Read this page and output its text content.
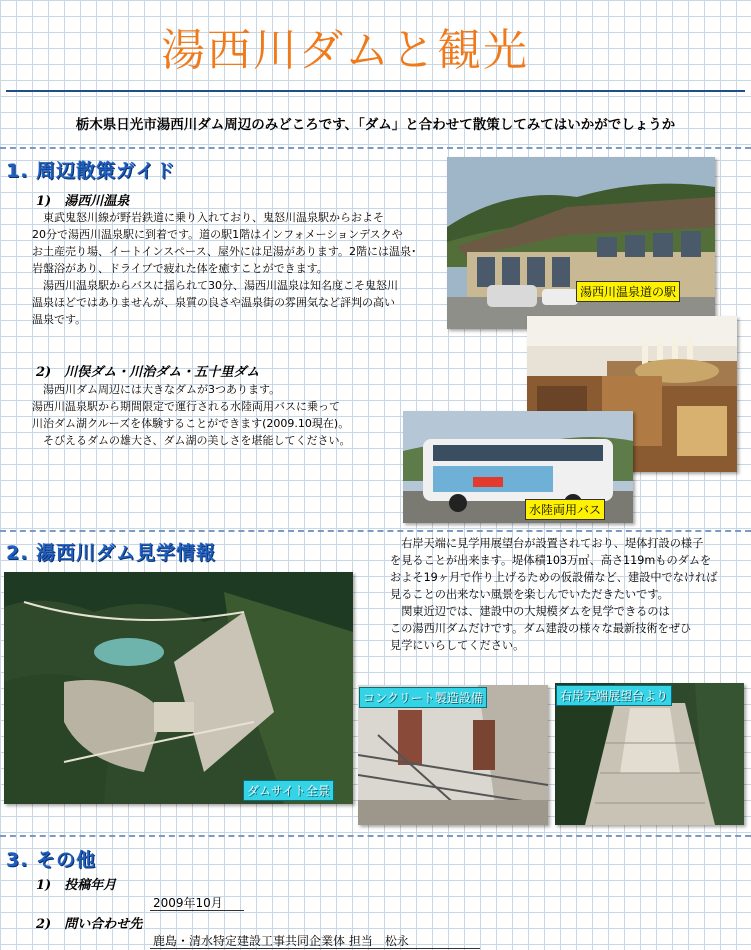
湯西川ダムと観光
栃木県日光市湯西川ダム周辺のみどころです、「ダム」と合わせて散策してみてはいかがでしょうか
1. 周辺散策ガイド
1)　湯西川温泉

　東武鬼怒川線が野岩鉄道に乗り入れており、鬼怒川温泉駅からおよそ

20分で湯西川温泉駅に到着です。道の駅1階はインフォメーションデスクや

お土産売り場、イートインスペース、屋外には足湯があります。2階には温泉･

岩盤浴があり、ドライブで疲れた体を癒すことができます。

　湯西川温泉駅からバスに揺られて30分、湯西川温泉は知名度こそ鬼怒川

温泉ほどではありませんが、泉質の良さや温泉街の雰囲気など評判の高い

温泉です。

2)　川俣ダム・川治ダム・五十里ダム

　湯西川ダム周辺には大きなダムが3つあります。

湯西川温泉駅から期間限定で運行される水陸両用バスに乗って

川治ダム湖クルーズを体験することができます(2009.10現在)。

　そびえるダムの雄大さ、ダム湖の美しさを堪能してください。

湯西川温泉道の駅
水陸両用バス
2. 湯西川ダム見学情報	　右岸天端に見学用展望台が設置されており、堤体打設の様子

を見ることが出来ます。堤体積103万㎥、高さ119mものダムを

およそ19ヶ月で作り上げるための仮設備など、建設中でなければ

見ることの出来ない風景を楽しんでいただきたいです。

　関東近辺では、建設中の大規模ダムを見学できるのは

この湯西川ダムだけです。ダム建設の様々な最新技術をぜひ

見学にいらしてください。

ダムサイト全景
コンクリート製造設備	右岸天端展望台より
3. その他
1)　投稿年月
2009年10月
2)　問い合わせ先
鹿島・清水特定建設工事共同企業体 担当　松永
